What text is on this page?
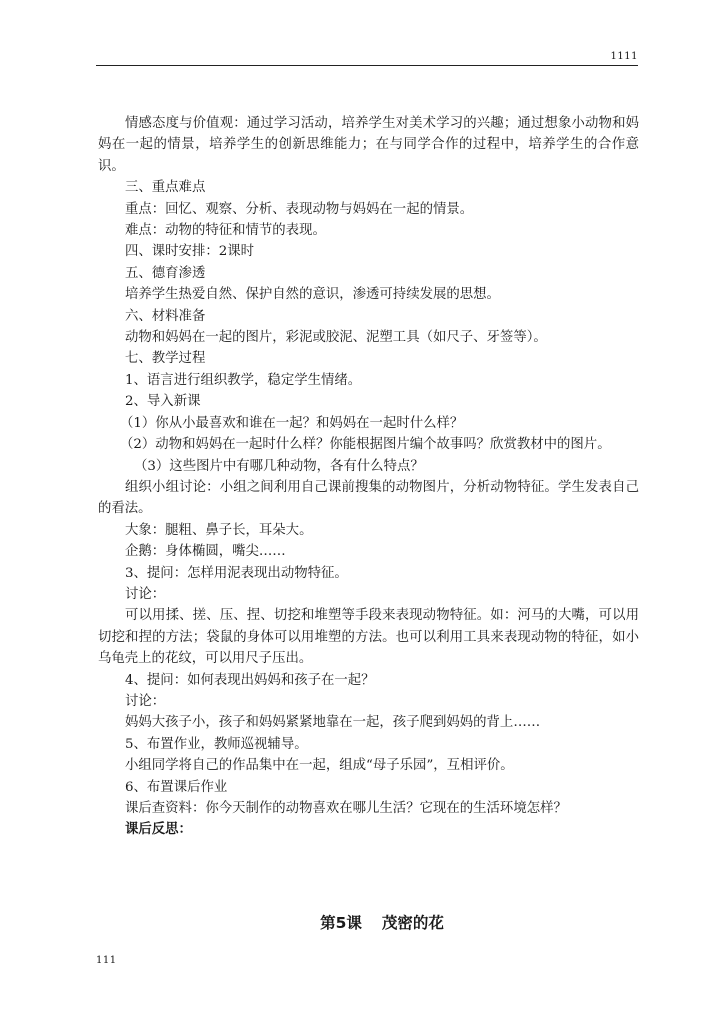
1111

情感态度与价值观：通过学习活动，培养学生对美术学习的兴趣；通过想象小动物和妈妈在一起的情景，培养学生的创新思维能力；在与同学合作的过程中，培养学生的合作意识。

三、重点难点

重点：回忆、观察、分析、表现动物与妈妈在一起的情景。

难点：动物的特征和情节的表现。

四、课时安排：2课时

五、德育渗透

培养学生热爱自然、保护自然的意识，渗透可持续发展的思想。

六、材料准备

动物和妈妈在一起的图片，彩泥或胶泥、泥塑工具（如尺子、牙签等）。

七、教学过程

1、语言进行组织教学，稳定学生情绪。

2、导入新课

（1）你从小最喜欢和谁在一起？和妈妈在一起时什么样？

（2）动物和妈妈在一起时什么样？你能根据图片编个故事吗？欣赏教材中的图片。

（3）这些图片中有哪几种动物，各有什么特点？

组织小组讨论：小组之间利用自己课前搜集的动物图片，分析动物特征。学生发表自己的看法。

大象：腿粗、鼻子长，耳朵大。

企鹅：身体椭圆，嘴尖……

3、提问：怎样用泥表现出动物特征。

讨论：

可以用揉、搓、压、捏、切挖和堆塑等手段来表现动物特征。如：河马的大嘴，可以用切挖和捏的方法；袋鼠的身体可以用堆塑的方法。也可以利用工具来表现动物的特征，如小乌龟壳上的花纹，可以用尺子压出。

4、提问：如何表现出妈妈和孩子在一起？

讨论：

妈妈大孩子小，孩子和妈妈紧紧地靠在一起，孩子爬到妈妈的背上……

5、布置作业，教师巡视辅导。

小组同学将自己的作品集中在一起，组成“母子乐园”，互相评价。

6、布置课后作业

课后查资料：你今天制作的动物喜欢在哪儿生活？它现在的生活环境怎样？

课后反思：

第5课 茂密的花
111
